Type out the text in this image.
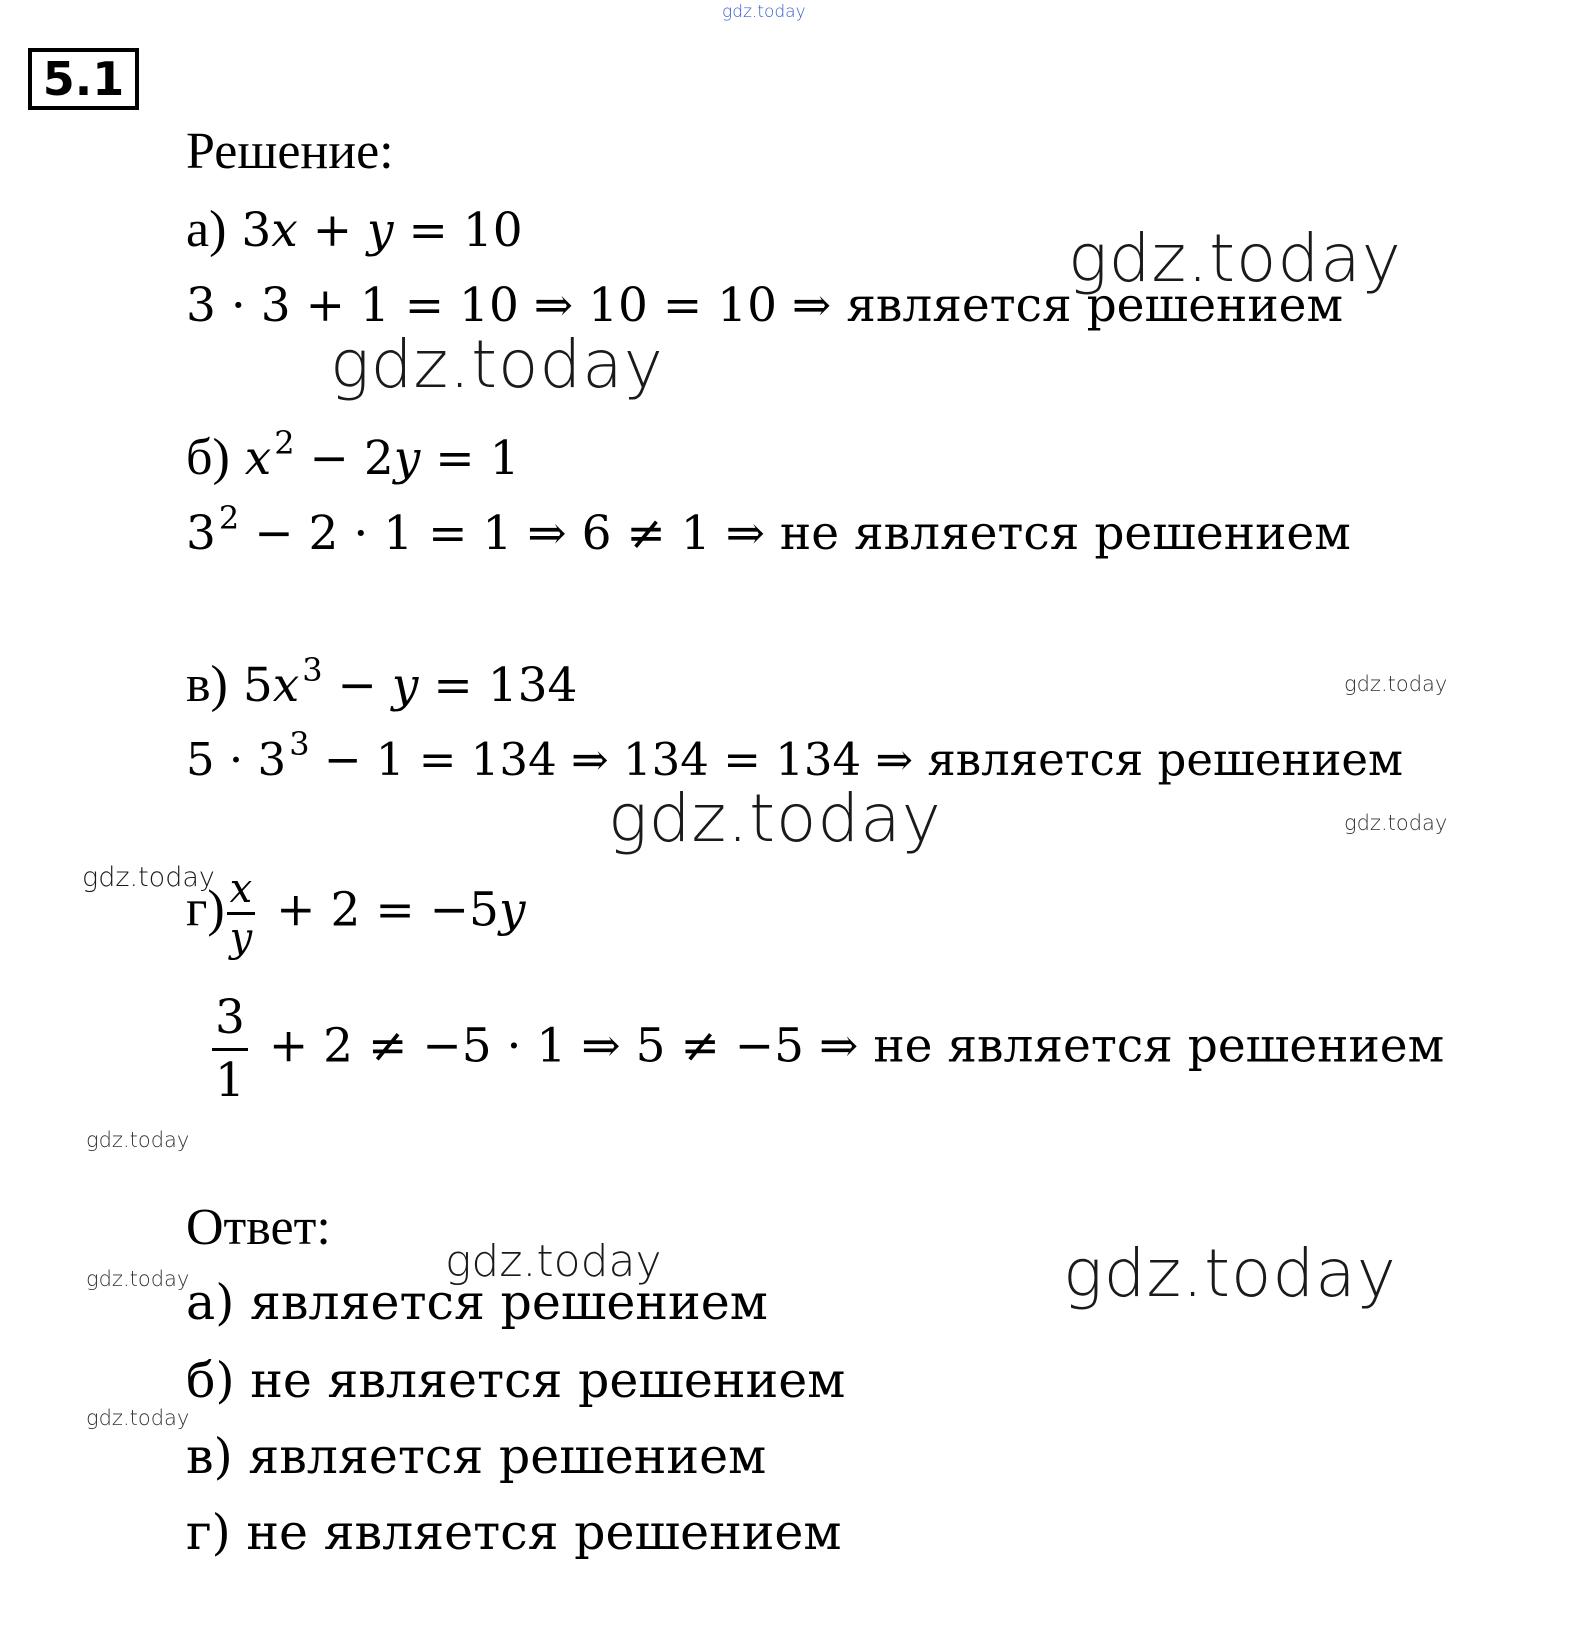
gdz.today
gdz.today
gdz.today
gdz.today
gdz.today
gdz.today
gdz.today
gdz.today
gdz.today
gdz.today
gdz.today
gdz.today
5.1
Решение:
а) 3x + y = 10
3 · 3 + 1 = 10 ⇒ 10 = 10 ⇒ является решением
б) $x^2 - 2y = 1$
$3^2 - 2 \cdot 1 = 1$ ⇒ 6 ≠ 1 ⇒ не является решением
в) $5x^3 - y = 134$
$5 \cdot 3^3 - 1 = 134$ ⇒ 134 = 134 ⇒ является решением
$г) \frac{x}{y} + 2 = -5y$
$\frac{3}{1} + 2 \ne -5 \cdot 1$ ⇒ 5 ≠ −5 ⇒ не является решением
Ответ:
а) является решением
б) не является решением
в) является решением
г) не является решением
